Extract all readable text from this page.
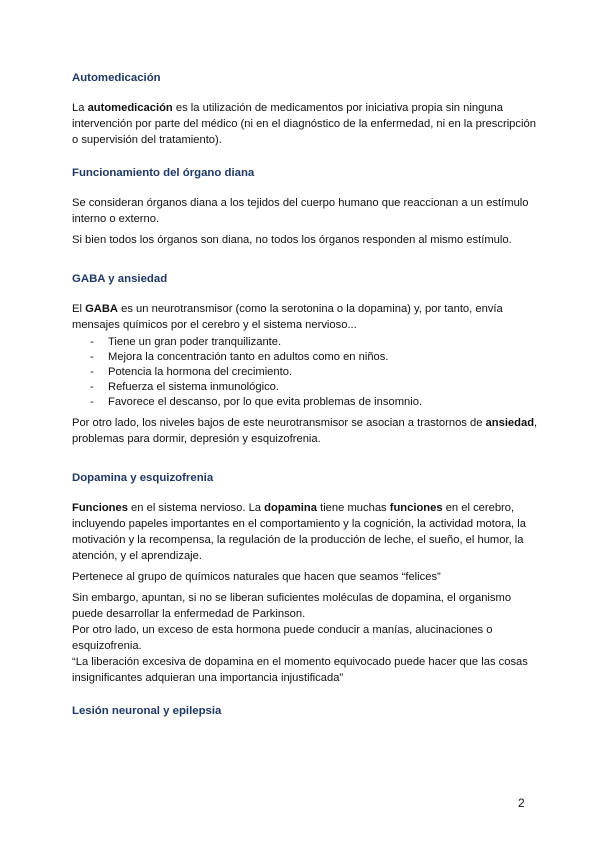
Automedicación

La automedicación es la utilización de medicamentos por iniciativa propia sin ninguna intervención por parte del médico (ni en el diagnóstico de la enfermedad, ni en la prescripción o supervisión del tratamiento).

Funcionamiento del órgano diana

Se consideran órganos diana a los tejidos del cuerpo humano que reaccionan a un estímulo interno o externo.

Si bien todos los órganos son diana, no todos los órganos responden al mismo estímulo.

GABA y ansiedad

El GABA es un neurotransmisor (como la serotonina o la dopamina) y, por tanto, envía mensajes químicos por el cerebro y el sistema nervioso...

- Tiene un gran poder tranquilizante.
- Mejora la concentración tanto en adultos como en niños.
- Potencia la hormona del crecimiento.
- Refuerza el sistema inmunológico.
- Favorece el descanso, por lo que evita problemas de insomnio.

Por otro lado, los niveles bajos de este neurotransmisor se asocian a trastornos de ansiedad, problemas para dormir, depresión y esquizofrenia.

Dopamina y esquizofrenia

Funciones en el sistema nervioso. La dopamina tiene muchas funciones en el cerebro, incluyendo papeles importantes en el comportamiento y la cognición, la actividad motora, la motivación y la recompensa, la regulación de la producción de leche, el sueño, el humor, la atención, y el aprendizaje.

Pertenece al grupo de químicos naturales que hacen que seamos “felices”

Sin embargo, apuntan, si no se liberan suficientes moléculas de dopamina, el organismo puede desarrollar la enfermedad de Parkinson.

Por otro lado, un exceso de esta hormona puede conducir a manías, alucinaciones o esquizofrenia.

“La liberación excesiva de dopamina en el momento equivocado puede hacer que las cosas insignificantes adquieran una importancia injustificada”

Lesión neuronal y epilepsia
2
